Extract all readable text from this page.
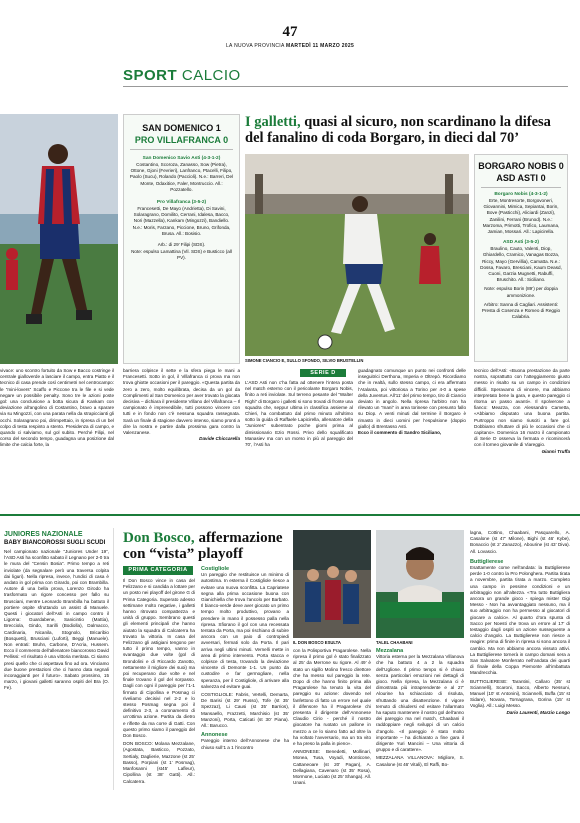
47
LA NUOVA PROVINCIA MARTEDÌ 11 MARZO 2025
SPORT CALCIO
SAN DOMENICO 1
PRO VILLAFRANCA 0
San Domenico Savio Asti (4-3-1-2)
Costantino, Scoroza, Zanasso, Sow (Pietra), Ottone, Gjoni (Fevrieri), Lanfranco, Ptacelli, Filipo, Paolo (Sucu), Rolando (Paccioli). N.e.: Barreri, Del Monte, Odaxitice, Faler, Montruccio. All.: Pozzatello.
Pro Villafranca (3-5-2)
Francesetti, De Mayo (Andrietta), Di Savini, Solaragrano, Domilito, Cerrani, Idalesa, Bacco, Nori (Mazzella), Kankam (Mingozzi), Bandiello. N.e.: Moris, Farzano, Piccione, Bruno, Grifonda, Brusa. All.: Bosisio.
Arb.: di 29’ Filipi (SDS).
Note: espulso Lamattina (Vil. SDS) e Busticco (all PV).
I galletti, quasi al sicuro, non scardinano la difesa del fanalino di coda Borgaro, in dieci dal 70’
SIMONE CIANCIO E, SULLO SFONDO, SILVIO BRUSTELLIN
BORGARO NOBIS 0
ASD ASTI 0
Borgaro Nobis (4-3-1-2)
Erte, Montresorte, Borgovoneri, Giovannini, Mimica, Sepiantai, Borin, Bove (Pasticchi), Aliciardi (Zanzi), Zanilini, Ferrani (Brunod). N.e.: Marzoma, Primotti, Trofico, Laumana, Jamian, Mossari. All.: Lapicirella.
ASD Asti (3-5-2)
Braulino, Cauto, Valenti, Diop, Ghiardello, Cramico, Vanagas Bozza, Riccy, Mayo (Gervillia), Camatta. N.e.: Dossa, Favaro, Bresciani, Kaum Deasd, Cuoni, Garzia Mugnetti, Rabuffi, Bruschito. All.: Siciliano.
Note: espulso Borin (89’) per doppia ammonizione.
Arbitro: Sanna di Cagliari. Assistenti: Presta di Cosenza e Romeo di Reggio Calabria.
vivace: uno scontro fortuito da Sow e Bacco costringe il centrale gialloverde a lasciare il campo, entra Piatto e il tecnico di casa prende così centimetri nel centrocampo: le “mini-lovers” Scaffo e Piccone tra le file e si vede negare un possibile penalty. Sono tre le azioni poste gol: una conclusione a botta sicura di Kankam con deviazione all’angolino di Costantino, bravo a sparare via su Mingozzi, con una parata nella da strapiccianti gli occhi. Solaragrano poi, dirimpettaio, in ripresa di un bel colpo di testa respinto a stento. Presidenza di campo, e quando ci salviamo, sul gol subito. Perché Filipi, nel corso del secondo tempo, guadagna una posizione dal limite che calcia forte, la
barriera colpisce il sette e la sfera piega le mani a Francesetti. Sotto in gol, il Villafranca ci prova ma non trova ghiotte occasioni per il pareggio. «Questa partita da zero a zero, molto equilibrata, decisa da un gol da Complimenti al San Domenico per aver trovato la giocata decisiva – dichiara il presidente Villano del Villafranca – Il campionato è imprevedibile, tutti possono vincere con tutti e in fondo non c’è nessuna squadra rassegnata. Sarà un finale di stagione davvero intenso, siamo pronti a dire la nostra e partire dalla prossima gara contro la Valenzanese.
Davide Chiccarella
SERIE D
L’ASD Asti non c’ha fatta ad ottenere l’intera posta nel match esterno con il pericolante Borgaro Nobis, finito a reti inviolate. Sul terreno pesante del “Walter Righi” di Borgaro i galletti si sono trovati di fronte una squadra che, seppur ultima in classifica assieme al Chieri, ha combattuto dal primo minuto all’ultimo sotto la guida di Raffaele Lapicirella, allenatore della “Juniores” subentrato poche giorni prima al dimissionario Ezio Rossi. Privo dello squalificato Manasiev ma con un morso in più al pareggio del 70’, l’Asti ha
guadagnato comunque un punto nei confronti delle inseguitrici Derthona, Imperia e Oltrepò. Ricordiamo che in realtà, sullo stesso campo, ci era affermato l’Atalanta, poi vittoriosa a Torino per 4-0 a spese della Juventus. All’11’ del primo tempo, tiro di Ciancio deviato in angolo. Nella ripresa l’arbitro non ha rilevato un “mani” in area torinese con presunto fallo su Diop. A venti minuti dal termine il Borgaro è rimasto in dieci uomini per l’espulsione (doppio giallo) di Brentasso Asti.
Ecco il commento di Sandro Siciliano,
tecnico dell’Asti: «Buona prestazione da parte nostra, soprattutto con l’atteggiamento giusto messo in risalto su un campo in condizioni difficili. Speravamo di vincere, ma abbiamo interpretato bene la gara, e questo pareggio ci ritorna un passo avanti». Il spolverone a fianco: Meazza, con Alessandro Cametta, «Abbiamo disputato una buona partita. Purtroppo non siamo riusciti a fare gol. Dobbiamo sfruttare di più le occasioni che ci capitano». Domenica 16 marzo il campionato di Serie D osserva la fermata e ricomincerà con il torneo giovanile di Viareggio.
Gianni Truffa
JUNIORES NAZIONALE
BABY BIANCOROSSI SUGLI SCUDI
Nel campionato nazionale “Juniores Under 19”, l’ASD Asti ha sconfitto sabato il Legnano per 2-0 tra le mura del “Censin Bosia”. Primo tempo a reti inviolate (da segnalare però una traversa colpita dai liguri). Nella ripresa, invece, l’undici di casa è andato in gol prima con Girardo, poi con Brambilla. Autore di una bella prova, Lorenzo Girodo ha trasformato un rigore concesso per fallo su Brusciani, mentre Leonardo Brambilla ha battuto il portiere ospite sfruttando un assist di Manuele. Questi i giocatori dell’Asti in campo contro il Ligorna: Guardabene, Sanicintio (Mattia), Brecciola, Gindo, Sarilli (Bodiolla), Dalmacco, Cardinaria, Nicanila, Stognolo, Bricaribio (Bosquetti), Brusciani (Luforti), Beggi (Manuele). Non entrati: Bruhn, Carbone, D’Acria, Hussem. Ecco il commento dell’allenatore biancorosso David Pellissi: «Il risultato è una vittoria meritata. Ci siamo presi quello che ci aspettava fino ad ora. Vinciamo due buone prestazioni che ci hanno data segnali incoraggianti per il futuro». Sabato prossimo, 15 marzo, i giovani galletti saranno ospiti del Bra (O. Fe).
Don Bosco, affermazione
con “vista” playoff
PRIMA CATEGORIA
Il Don Bosco vince in casa del Felizzano e si candida a lottare per un posto nei playoff del girone G di Prima Categoria. Superato adesso settimane molto negative, i galletti hanno ritrovato compattezza e unità di gruppo. Sembrano questi gli elementi principali che hanno aiutato la squadra di Calcaterra ha trovato la vittoria. In casa del Felizzano gli astigiani tengono per tutto il primo tempo, vanno in svantaggio due volte (gol di Brondolini e di Riccardo Zanotto, nettamente il migliore dei suoi) ma poi recuperano due volte e nel finale trovano il gol del sorpasso. Dagli con ogni il pareggio per l’1-1 firmato di Cipollina e Posmag ci riveliamo decisivi nel 2-2 e lo stesso Posmag segna poi il definitivo 2-3, a coronamento di un’ottima azione. Partita da dietro e riflette da ma corre di Gatti. Con questo primo siamo il pareggio del Don Bosco.
DON BOSCO: Molana Mezzalane, (Agostata, Basticco, Pozzato, Sertialy, Daglierie, Mazzone (st 25’ Basso), Porpiani (st 1’ Posmag), Manfosanni (st45’ Lafleur), Cipollina (st 38’ Gatti). All.: Calcaterra.
Costigliole
Un pareggio che restituisce un minimo di autostima. In esterna il Costigliole riesce a evitare una nuova sconfitta. La Capriatese segna alla prima occasione buona con Gianichiella che trova l’ancolo per Barbato. Il bianco-verde deve aver giocato un primo tempo molto produttivo, provano a prendere in mano il possesso palla nella ripresa. Sfiorano il gol con una recessata tentata da Porta, ma poi rischiano di subire ancora con un paio di contropiedi avversari, fermati solo da Porta. Il pari arriva negli ultimi minuti. Vernelli mette in area di primo intervento. Porta stacca e colpisce di testa, trovando la deviazione vincente di Demonte 1-1. Un punto da custodire e far germogliare, nella speranza, per il Costigliole, di arrivare alla salvezza ed evitare guai.
COSTIGLIOLE: Fabris, Vertelli, Demarta, De Barisi (st 29’ Russo), Tofe (st 35’ Spezzaz), Li Causi (st 35’ Barrios), Mansaello, Frazzetti, Marchisio (st 35’ Manzoni), Porta, Caticati (st 30’ Piana). All.: Barucco.
Annonese
Pareggio interno dell’Annonese che ha chiuso sull’1 a 1 l’incontro
IL DON BOSCO ESULTA	TALEL CHAABANI
con la Polisportiva Pragarolese. Nella ripresa il primo gol è stato finalizzato al 25’ da Merrone su rigore. Al 49’ è stato un sigillo Molino fresco direttore che ha messo sul pareggio la rete. Dopo di che hanno finito prima alla Pragarolese ha tenuto la vita del pareggio su azione: dovendo nel fanfettono di fatto un errore nel quale il difensore ha il Pragarolese chi presenta il dirigente dell’Annonese Claudio Cirio - perché il nostro giocatore ha ruotato un pallone in mezzo a ce lo siamo fatto ad oltre la ha voltato l’avversario, ma un tra vito e ha preso la palla in pieno».
ANNONESE: Benedetti, Mollinari, Monea, Tusa, Voyadi, Monticone, Cattaneoare (st 20’ Pagan), A. Dellagiana, Cavenaro (st 35’ Rosa), Mormone, Luciato (st 25’ Shanga). All. Unani.
Mezzalana
Vittoria esterna per la Mezzalana Villanova che ha battuto 4 a 2 la squadra dell’Uglione. Il primo tempo si è chiuso senza particolari emozioni nei dettagli di gioco. Nella ripresa, la Mezzalana ci è dimostrata più intraprendente e al 27’ Alourine ha schiacciato di risoluta, sfruttando una disattenzione. Il vigore temuto di chiudersi ed esitare l’allarmato ha saputo mantenere il nostro gol dell’anno dei pareggio ma nel match, Chaabani il raddoppiare negli sviluppi di un calcio d’angolo. «Il pareggio è stato molto importante – ha dichiarato a fine gara il dirigente Yuri Mancini – Una vittoria di gruppo e di carattere».
MEZZALANA VILLANOVA: Migliore, S. Casalone (st 46’ Vitali), El Raffi, Bo-
lagna, Cottino, Chaabani, Pasquarello, A. Casalone (st 47’ Milone), Bighi (st 46’ Kybe), Bonaccio (st 2’ Zanazzo), Abourine (st 43’ Diva). All. Lovascio.
Buttiglierese
Esattamente come nell’andata: la Buttiglierese perde 1-0 contro la Pro Polonghera. Partita tirata a novembre, partita tirata a marzo. Completo una campo in pessime condizioni e un arbitraggio non all’altezza. «Tra tutto Buttigliera ancora un grande gioco - spiega mister Gigi Messo - Non ha avvantaggiato nessuno, ma il suo arbitraggio non ha permesso al giocatori di giocare a calcio». Al quarto d’ora spunta di Sacco per Noesti che trova un errore al 17’ di testaggio dagli ospiti un azione susseguente a calcio d’angolo. La Buttiglierese non riesce a reagire: prima di finire in ripresa si sono ancora il cambio. Ma non abbiamo ancora vissuto attivi. La Buttiglierese tornerà in campo domani sera a San Salvatore Monferrato nell’andata dei quarti di finale della Coppa Piemonte all’imbattuta Mandrecchia.
BUTTIGLIERESE: Tarantini, Callaro (35’ st Sciannelli), Scaroni, Sacco, Alberto Nessuni, Manuel (10’ st Antonini), Sciannelli, Buffa (15’ st Sidare), Novara, Tornagrana, Gorina (15’ st Voglia). All.: Luigi Messo.
Dario Laurenti, Marzio Longo
